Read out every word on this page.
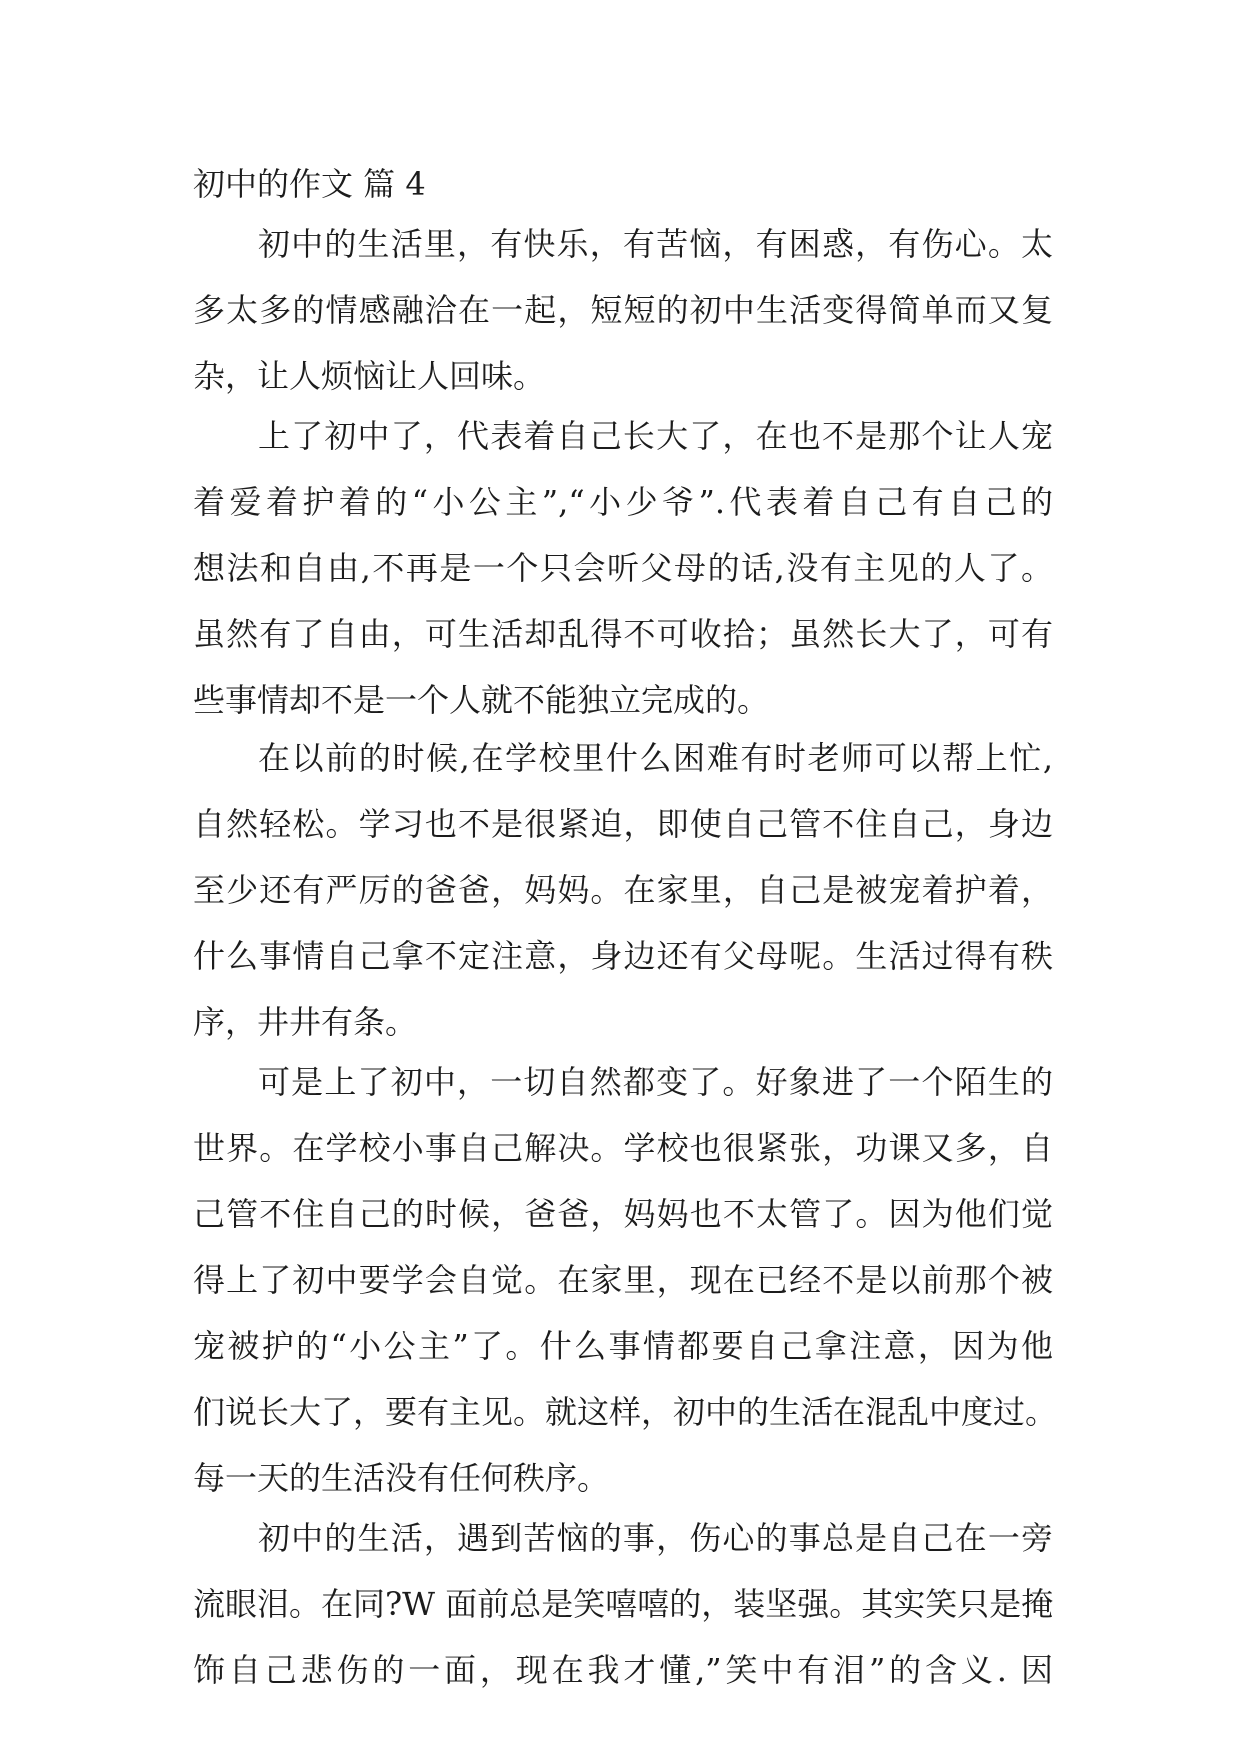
初中的作文 篇 4
初中的生活里，有快乐，有苦恼，有困惑，有伤心。太
多太多的情感融洽在一起，短短的初中生活变得简单而又复
杂，让人烦恼让人回味。
上了初中了，代表着自己长大了，在也不是那个让人宠
着爱着护着的“小公主”,“小少爷”.代表着自己有自己的
想法和自由,不再是一个只会听父母的话,没有主见的人了。
虽然有了自由，可生活却乱得不可收拾；虽然长大了，可有
些事情却不是一个人就不能独立完成的。
在以前的时候,在学校里什么困难有时老师可以帮上忙,
自然轻松。学习也不是很紧迫，即使自己管不住自己，身边
至少还有严厉的爸爸，妈妈。在家里，自己是被宠着护着，
什么事情自己拿不定注意，身边还有父母呢。生活过得有秩
序，井井有条。
可是上了初中，一切自然都变了。好象进了一个陌生的
世界。在学校小事自己解决。学校也很紧张，功课又多，自
己管不住自己的时候，爸爸，妈妈也不太管了。因为他们觉
得上了初中要学会自觉。在家里，现在已经不是以前那个被
宠被护的“小公主”了。什么事情都要自己拿注意，因为他
们说长大了，要有主见。就这样，初中的生活在混乱中度过。
每一天的生活没有任何秩序。
初中的生活，遇到苦恼的事，伤心的事总是自己在一旁
流眼泪。在同?W 面前总是笑嘻嘻的，装坚强。其实笑只是掩
饰自己悲伤的一面，现在我才懂,”笑中有泪”的含义. 因
